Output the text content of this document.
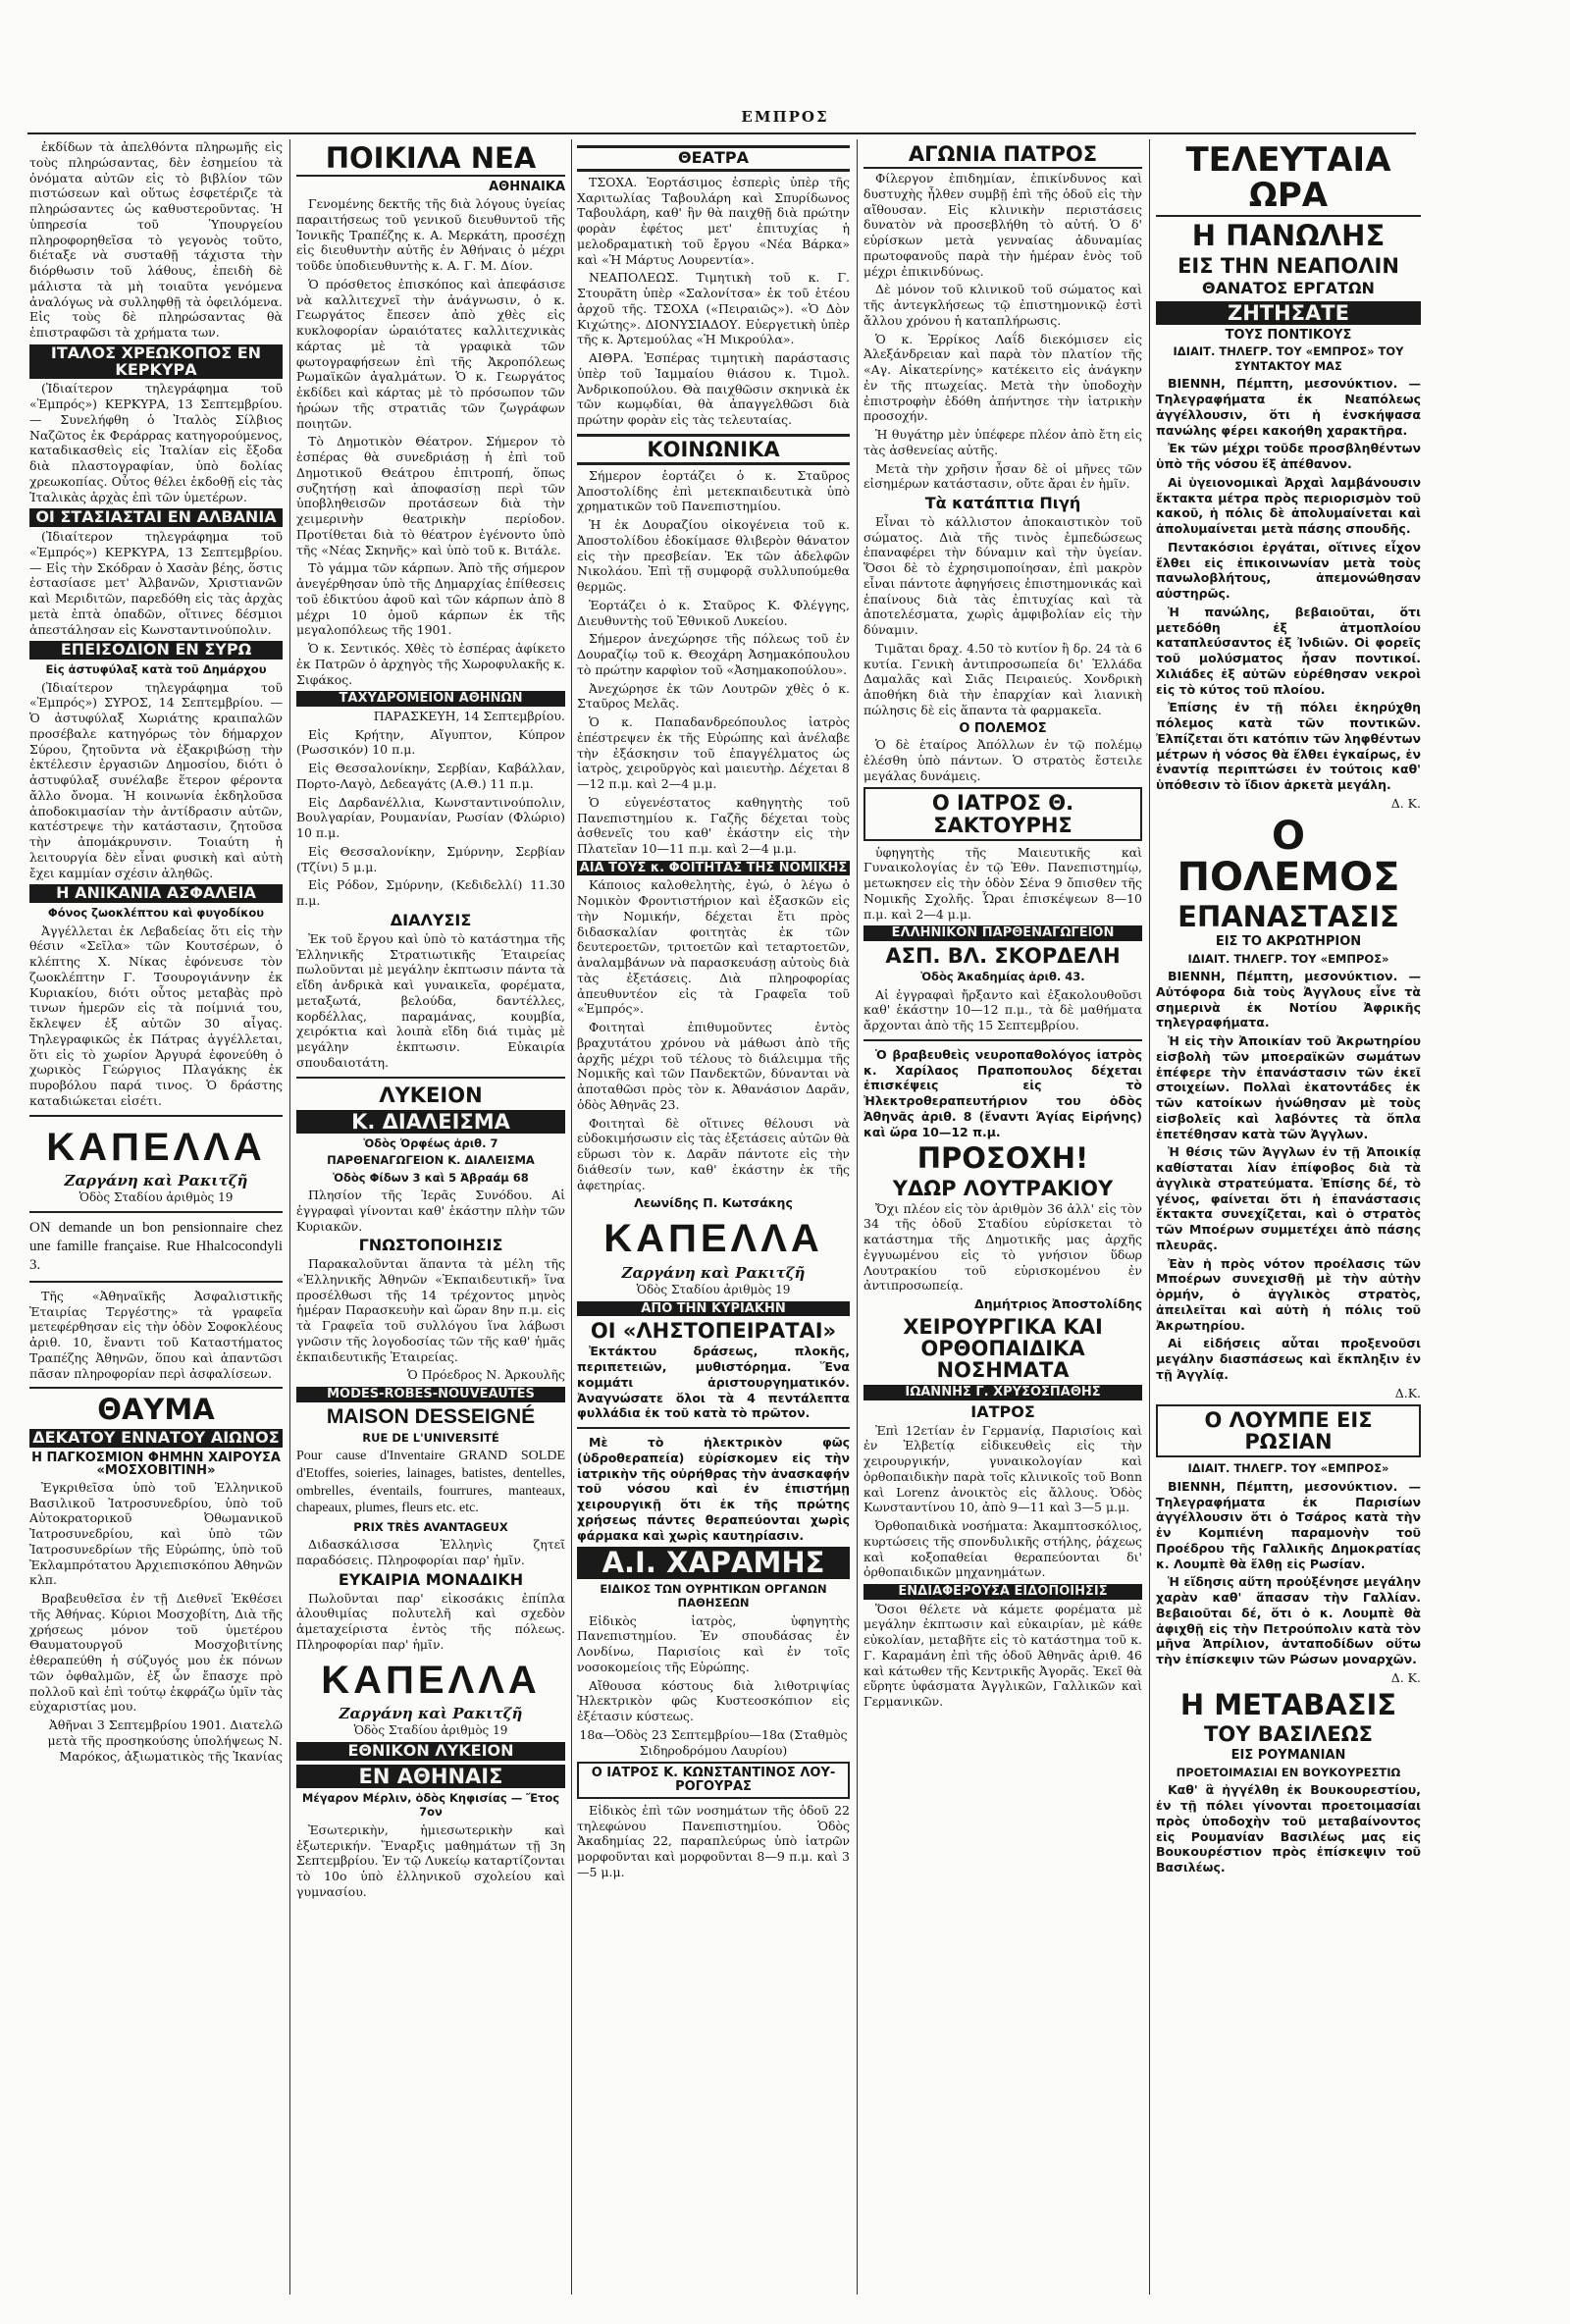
ΕΜΠΡΟΣ

ἐκδίδων τὰ ἀπελθόντα πληρωμῆς εἰς τοὺς πληρώσαντας, δὲν ἐσημείου τὰ ὀνόματα αὐτῶν εἰς τὸ βιβλίον τῶν πιστώσεων καὶ οὕτως ἐσφετέριζε τὰ πληρώσαντες ὡς καθυστεροῦντας. Ἡ ὑπηρεσία τοῦ Ὑπουργείου πληροφορηθεῖσα τὸ γεγονὸς τοῦτο, διέταξε νὰ συσταθῇ τάχιστα τὴν διόρθωσιν τοῦ λάθους, ἐπειδὴ δὲ μάλιστα τὰ μὴ τοιαῦτα γενόμενα ἀναλόγως νὰ συλληφθῇ τὰ ὀφειλόμενα. Εἰς τοὺς δὲ πληρώσαντας θὰ ἐπιστραφῶσι τὰ χρήματα των.

ΙΤΑΛΟΣ ΧΡΕΩΚΟΠΟΣ ΕΝ ΚΕΡΚΥΡΑ

(Ἰδιαίτερον τηλεγράφημα τοῦ «Ἐμπρός») ΚΕΡΚΥΡΑ, 13 Σεπτεμβρίου.— Συνελήφθη ὁ Ἰταλὸς Σίλβιος Ναζῶτος ἐκ Φεράρρας κατηγορούμενος, καταδικασθεὶς εἰς Ἰταλίαν εἰς ἔξοδα διὰ πλαστογραφίαν, ὑπὸ δολίας χρεωκοπίας. Οὗτος θέλει ἐκδοθῇ εἰς τὰς Ἰταλικὰς ἀρχὰς ἐπὶ τῶν ὑμετέρων.

ΟΙ ΣΤΑΣΙΑΣΤΑΙ ΕΝ ΑΛΒΑΝΙΑ

(Ἰδιαίτερον τηλεγράφημα τοῦ «Ἐμπρός») ΚΕΡΚΥΡΑ, 13 Σεπτεμβρίου. — Εἰς τὴν Σκόδραν ὁ Χασὰν βέης, ὅστις ἐστασίασε μετ' Ἀλβανῶν, Χριστιανῶν καὶ Μεριδιτῶν, παρεδόθη εἰς τὰς ἀρχὰς μετὰ ἐπτὰ ὀπαδῶν, οἵτινες δέσμιοι ἀπεστάλησαν εἰς Κωνσταντινούπολιν.

ΕΠΕΙΣΟΔΙΟΝ ΕΝ ΣΥΡΩ
Εἰς ἀστυφύλαξ κατὰ τοῦ Δημάρχου

(Ἰδιαίτερον τηλεγράφημα τοῦ «Ἐμπρός») ΣΥΡΟΣ, 14 Σεπτεμβρίου. — Ὁ ἀστυφύλαξ Χωριάτης κραιπαλῶν προσέβαλε κατηγόρως τὸν δήμαρχον Σύρου, ζητοῦντα νὰ ἐξακριβώσῃ τὴν ἐκτέλεσιν ἐργασιῶν Δημοσίου, διότι ὁ ἀστυφύλαξ συνέλαβε ἕτερον φέροντα ἄλλο ὄνομα. Ἡ κοινωνία ἐκδηλοῦσα ἀποδοκιμασίαν τὴν ἀντίδρασιν αὐτῶν, κατέστρεψε τὴν κατάστασιν, ζητοῦσα τὴν ἀπομάκρυνσιν. Τοιαύτη ἠ λειτουργία δὲν εἶναι φυσικὴ καὶ αὐτὴ ἔχει καμμίαν σχέσιν ἀληθῶς.

Η ΑΝΙΚΑΝΙΑ ΑΣΦΑΛΕΙΑ
Φόνος ζωοκλέπτου καὶ φυγοδίκου

Ἀγγέλλεται ἐκ Λεβαδείας ὅτι εἰς τὴν θέσιν «Σεῖλα» τῶν Κουτσέρων, ὁ κλέπτης Χ. Νίκας ἐφόνευσε τὸν ζωοκλέπτην Γ. Τσουρογιάννην ἐκ Κυριακίου, διότι οὗτος μεταβὰς πρὸ τινων ἡμερῶν εἰς τὰ ποίμνιά του, ἔκλεψεν ἐξ αὐτῶν 30 αἶγας. Τηλεγραφικῶς ἐκ Πάτρας ἀγγέλλεται, ὅτι εἰς τὸ χωρίον Ἀργυρά ἐφονεύθη ὁ χωρικὸς Γεώργιος Πλαγάκης ἐκ πυροβόλου παρά τινος. Ὁ δράστης καταδιώκεται εἰσέτι.

ΚΑΠΕΛΛΑ
Ζαργάνη καὶ Ρακιτζῆ
Ὁδὸς Σταδίου ἀριθμὸς 19

ON demande un bon pensionnaire chez une famille française. Rue Hhalcocondyli 3.

Τῆς «Ἀθηναϊκῆς Ἀσφαλιστικῆς Ἑταιρίας Τεργέστης» τὰ γραφεῖα μετεφέρθησαν εἰς τὴν ὁδὸν Σοφοκλέους ἀριθ. 10, ἔναντι τοῦ Καταστήματος Τραπέζης Ἀθηνῶν, ὅπου καὶ ἀπαντῶσι πᾶσαν πληροφορίαν περὶ ἀσφαλίσεων.

ΘΑΥΜΑ
ΔΕΚΑΤΟΥ ΕΝΝΑΤΟΥ ΑΙΩΝΟΣ
Η ΠΑΓΚΟΣΜΙΟΝ ΦΗΜΗΝ ΧΑΙΡΟΥΣΑ «ΜΟΣΧΟΒΙΤΙΝΗ»

Ἐγκριθεῖσα ὑπὸ τοῦ Ἑλληνικοῦ Βασιλικοῦ Ἰατροσυνεδρίου, ὑπὸ τοῦ Αὐτοκρατορικοῦ Ὀθωμανικοῦ Ἰατροσυνεδρίου, καὶ ὑπὸ τῶν Ἰατροσυνεδρίων τῆς Εὐρώπης, ὑπὸ τοῦ Ἐκλαμπρότατου Ἀρχιεπισκόπου Ἀθηνῶν κλπ.

Βραβευθεῖσα ἐν τῇ Διεθνεῖ Ἐκθέσει τῆς Ἀθήνας. Κύριοι Μοσχοβίτη, Διὰ τῆς χρήσεως μόνον τοῦ ὑμετέρου Θαυματουργοῦ Μοσχοβιτίνης ἐθεραπεύθη ἡ σύζυγός μου ἐκ πόνων τῶν ὀφθαλμῶν, ἐξ ὧν ἔπασχε πρὸ πολλοῦ καὶ ἐπὶ τούτῳ ἐκφράζω ὑμῖν τὰς εὐχαριστίας μου.

Ἀθῆναι 3 Σεπτεμβρίου 1901. Διατελῶ μετὰ τῆς προσηκούσης ὑπολήψεως Ν. Μαρόκος, ἀξιωματικὸς τῆς Ἱκανίας

ΠΟΙΚΙΛΑ ΝΕΑ
ΑΘΗΝΑΙΚΑ

Γενομένης δεκτῆς τῆς διὰ λόγους ὑγείας παραιτήσεως τοῦ γενικοῦ διευθυντοῦ τῆς Ἰονικῆς Τραπέζης κ. Α. Μερκάτη, προσέχῃ εἰς διευθυντὴν αὐτῆς ἐν Ἀθήναις ὁ μέχρι τοῦδε ὑποδιευθυντὴς κ. Α. Γ. Μ. Δίον.

Ὁ πρόσθετος ἐπισκόπος καὶ ἀπεφάσισε νὰ καλλιτεχνεῖ τὴν ἀνάγνωσιν, ὁ κ. Γεωργάτος ἔπεσεν ἀπὸ χθὲς εἰς κυκλοφορίαν ὡραιότατες καλλιτεχνικὰς κάρτας μὲ τὰ γραφικὰ τῶν φωτογραφήσεων ἐπὶ τῆς Ἀκροπόλεως Ρωμαϊκῶν ἀγαλμάτων. Ὁ κ. Γεωργάτος ἐκδίδει καὶ κάρτας μὲ τὸ πρόσωπον τῶν ἡρώων τῆς στρατιᾶς τῶν ζωγράφων ποιητῶν.

Τὸ Δημοτικὸν Θέατρον. Σήμερον τὸ ἑσπέρας θὰ συνεδριάσῃ ἡ ἐπὶ τοῦ Δημοτικοῦ Θεάτρου ἐπιτροπή, ὅπως συζητήσῃ καὶ ἀποφασίσῃ περὶ τῶν ὑποβληθεισῶν προτάσεων διὰ τὴν χειμερινὴν θεατρικὴν περίοδον. Προτίθεται διὰ τὸ θέατρον ἐγένοντο ὑπὸ τῆς «Νέας Σκηνῆς» καὶ ὑπὸ τοῦ κ. Βιτάλε.

Τὸ γάμμα τῶν κάρπων. Ἀπὸ τῆς σήμερον ἀνεγέρθησαν ὑπὸ τῆς Δημαρχίας ἐπίθεσεις τοῦ ἐδικτύου ἀφοῦ καὶ τῶν κάρπων ἀπὸ 8 μέχρι 10 ὁμοῦ κάρπων ἐκ τῆς μεγαλοπόλεως τῆς 1901.

Ὁ κ. Σεντικός. Χθὲς τὸ ἑσπέρας ἀφίκετο ἐκ Πατρῶν ὁ ἀρχηγὸς τῆς Χωροφυλακῆς κ. Σιφάκος.

ΤΑΧΥΔΡΟΜΕΙΟΝ ΑΘΗΝΩΝ

ΠΑΡΑΣΚΕΥΗ, 14 Σεπτεμβρίου.

Εἰς Κρήτην, Αἴγυπτον, Κύπρον (Ρωσσικόν) 10 π.μ.

Εἰς Θεσσαλονίκην, Σερβίαν, Καβάλλαν, Πορτο-Λαγὸ, Δεδεαγάτς (Α.Θ.) 11 π.μ.

Εἰς Δαρδανέλλια, Κωνσταντινούπολιν, Βουλγαρίαν, Ρουμανίαν, Ρωσίαν (Φλώριο) 10 π.μ.

Εἰς Θεσσαλονίκην, Σμύρνην, Σερβίαν (Τζίνι) 5 μ.μ.

Εἰς Ρόδον, Σμύρνην, (Κεδιδελλί) 11.30 π.μ.

ΔΙΑΛΥΣΙΣ

Ἐκ τοῦ ἔργου καὶ ὑπὸ τὸ κατάστημα τῆς Ἑλληνικῆς Στρατιωτικῆς Ἑταιρείας πωλοῦνται μὲ μεγάλην ἐκπτωσιν πάντα τὰ εἴδη ἀνδρικὰ καὶ γυναικεῖα, φορέματα, μεταξωτά, βελούδα, δαντέλλες, κορδέλλας, παραμάνας, κουμβία, χειρόκτια καὶ λοιπὰ εἴδη διά τιμὰς μὲ μεγάλην ἐκπτωσιν. Εὐκαιρία σπουδαιοτάτη.

ΛΥΚΕΙΟΝ
Κ. ΔΙΑΛΕΙΣΜΑ
Ὁδὸς Ὀρφέως ἀριθ. 7
ΠΑΡΘΕΝΑΓΩΓΕΙΟΝ Κ. ΔΙΑΛΕΙΣΜΑ
Ὁδὸς Φίδων 3 καὶ 5 Ἀβραάμ 68

Πλησίον τῆς Ἱερᾶς Συνόδου. Αἱ ἐγγραφαὶ γίνονται καθ' ἑκάστην πλὴν τῶν Κυριακῶν.

ΓΝΩΣΤΟΠΟΙΗΣΙΣ

Παρακαλοῦνται ἅπαντα τὰ μέλη τῆς «Ἑλληνικῆς Ἀθηνῶν «Ἐκπαιδευτικῆ» ἵνα προσέλθωσι τῆς 14 τρέχοντος μηνὸς ἡμέραν Παρασκευὴν καὶ ὥραν 8ην π.μ. εἰς τὰ Γραφεῖα τοῦ συλλόγου ἵνα λάβωσι γνῶσιν τῆς λογοδοσίας τῶν τῆς καθ' ἡμᾶς ἐκπαιδευτικῆς Ἐταιρείας.

Ὁ Πρόεδρος Ν. Ἀρκουλῆς

MODES-ROBES-NOUVEAUTÉS
MAISON DESSEIGNÉ
RUE DE L'UNIVERSITÉ

Pour cause d'Inventaire GRAND SOLDE d'Etoffes, soieries, lainages, batistes, dentelles, ombrelles, éventails, fourrures, manteaux, chapeaux, plumes, fleurs etc. etc.

PRIX TRÈS AVANTAGEUX

Διδασκάλισσα Ἑλληνὶς ζητεῖ παραδόσεις. Πληροφορίαι παρ' ἡμῖν.

ΕΥΚΑΙΡΙΑ ΜΟΝΑΔΙΚΗ

Πωλοῦνται παρ' εἰκοσάκις ἐπίπλα ἀλουθιμίας πολυτελῆ καὶ σχεδὸν ἀμεταχείριστα ἐντὸς τῆς πόλεως. Πληροφορίαι παρ' ἡμῖν.

ΚΑΠΕΛΛΑ
Ζαργάνη καὶ Ρακιτζῆ
Ὁδὸς Σταδίου ἀριθμὸς 19
ΕΘΝΙΚΟΝ ΛΥΚΕΙΟΝ
ΕΝ ΑΘΗΝΑΙΣ
Μέγαρον Μέρλιν, ὁδὸς Κηφισίας — Ἔτος 7ον

Ἐσωτερικὴν, ἡμιεσωτερικὴν καὶ ἐξωτερικήν. Ἔναρξις μαθημάτων τῇ 3η Σεπτεμβρίου. Ἐν τῷ Λυκείῳ καταρτίζονται τὸ 10ο ὑπὸ ἑλληνικοῦ σχολείου καὶ γυμνασίου.

ΘΕΑΤΡΑ

ΤΣΟΧΑ. Ἑορτάσιμος ἐσπερὶς ὑπὲρ τῆς Χαριτωλίας Ταβουλάρη καὶ Σπυρίδωνος Ταβουλάρη, καθ' ἣν θὰ παιχθῇ διὰ πρώτην φορὰν ἐφέτος μετ' ἐπιτυχίας ἡ μελοδραματικὴ τοῦ ἔργου «Νέα Βάρκα» καὶ «Ἡ Μάρτυς Λουρεντία».

ΝΕΑΠΟΛΕΩΣ. Τιμητικὴ τοῦ κ. Γ. Στουρᾶτη ὑπὲρ «Σαλονίτσα» ἐκ τοῦ ἑτέου ἀρχοῦ τῆς. ΤΣΟΧΑ («Πειραιῶς»). «Ὁ Δὸν Κιχώτης». ΔΙΟΝΥΣΙΑΔΟΥ. Εὐεργετικὴ ὑπὲρ τῆς κ. Ἀρτεμούλας «Ἡ Μικρούλα».

ΑΙΘΡΑ. Ἑσπέρας τιμητικὴ παράστασις ὑπὲρ τοῦ Ἰαμμαίου θιάσου κ. Τιμολ. Ἀνδρικοπούλου. Θὰ παιχθῶσιν σκηνικὰ ἐκ τῶν κωμῳδίαι, θὰ ἀπαγγελθῶσι διὰ πρώτην φορὰν εἰς τὰς τελευταίας.

ΚΟΙΝΩΝΙΚΑ

Σήμερον ἑορτάζει ὁ κ. Σταῦρος Ἀποστολίδης ἐπὶ μετεκπαιδευτικὰ ὑπὸ χρηματικῶν τοῦ Πανεπιστημίου.

Ἡ ἐκ Δουραζίου οἰκογένεια τοῦ κ. Ἀποστολίδου ἐδοκίμασε θλιβερὸν θάνατον εἰς τὴν πρεσβείαν. Ἐκ τῶν ἀδελφῶν Νικολάου. Ἐπὶ τῇ συμφορᾷ συλλυπούμεθα θερμῶς.

Ἑορτάζει ὁ κ. Σταῦρος Κ. Φλέγγης, Διευθυντὴς τοῦ Ἐθνικοῦ Λυκείου.

Σήμερον ἀνεχώρησε τῆς πόλεως τοῦ ἐν Δουραζίῳ τοῦ κ. Θεοχάρη Ἀσημακόπουλου τὸ πρώτην καρφὶον τοῦ «Ἀσημακοπούλου».

Ἀνεχώρησε ἐκ τῶν Λουτρῶν χθὲς ὁ κ. Σταῦρος Μελᾶς.

Ὁ κ. Παπαδανδρεόπουλος ἰατρὸς ἐπέστρεψεν ἐκ τῆς Εὐρώπης καὶ ἀνέλαβε τὴν ἐξάσκησιν τοῦ ἐπαγγέλματος ὡς ἰατρὸς, χειροῦργὸς καὶ μαιευτὴρ. Δέχεται 8—12 π.μ. καὶ 2—4 μ.μ.

Ὁ εὐγενέστατος καθηγητὴς τοῦ Πανεπιστημίου κ. Γαζῆς δέχεται τοὺς ἀσθενεῖς του καθ' ἑκάστην εἰς τὴν Πλατεῖαν 10—11 π.μ. καὶ 2—4 μ.μ.

ΑΙΑ ΤΟΥΣ κ. ΦΟΙΤΗΤΑΣ ΤΗΣ ΝΟΜΙΚΗΣ

Κάποιος καλοθελητὴς, ἐγώ, ὁ λέγω ὁ Νομικὸν Φροντιστήριον καὶ ἐξασκῶν εἰς τὴν Νομικήν, δέχεται ἔτι πρὸς διδασκαλίαν φοιτητὰς ἐκ τῶν δευτεροετῶν, τριτοετῶν καὶ τεταρτοετῶν, ἀναλαμβάνων νὰ παρασκευάσῃ αὐτοὺς διὰ τὰς ἐξετάσεις. Διὰ πληροφορίας ἀπευθυντέον εἰς τὰ Γραφεῖα τοῦ «Ἐμπρός».

Φοιτηταὶ ἐπιθυμοῦντες ἐντὸς βραχυτάτου χρόνου νὰ μάθωσι ἀπὸ τῆς ἀρχῆς μέχρι τοῦ τέλους τὸ διάλειμμα τῆς Νομικῆς καὶ τῶν Πανδεκτῶν, δύνανται νὰ ἀποταθῶσι πρὸς τὸν κ. Ἀθανάσιον Δαρᾶν, ὁδὸς Ἀθηνᾶς 23.

Φοιτηταὶ δὲ οἵτινες θέλουσι νὰ εὐδοκιμήσωσιν εἰς τὰς ἐξετάσεις αὐτῶν θὰ εὕρωσι τὸν κ. Δαρᾶν πάντοτε εἰς τὴν διάθεσίν των, καθ' ἑκάστην ἐκ τῆς ἀφετηρίας.

Λεωνίδης Π. Κωτσάκης

ΚΑΠΕΛΛΑ
Ζαργάνη καὶ Ρακιτζῆ
Ὁδὸς Σταδίου ἀριθμὸς 19
ΑΠΟ ΤΗΝ ΚΥΡΙΑΚΗΝ
ΟΙ «ΛΗΣΤΟΠΕΙΡΑΤΑΙ»

Ἐκτάκτου δράσεως, πλοκῆς, περιπετειῶν, μυθιστόρημα. Ἕνα κομμάτι ἀριστουργηματικόν. Ἀναγνώσατε ὅλοι τὰ 4 πεντάλεπτα φυλλάδια ἐκ τοῦ κατὰ τὸ πρῶτον.

Μὲ τὸ ἠλεκτρικὸν φῶς (ὑδροθεραπεία) εὑρίσκομεν εἰς τὴν ἰατρικὴν τῆς οὐρήθρας τὴν ἀνασκαφήν τοῦ νόσου καὶ ἐν ἐπιστήμῃ χειρουργικῇ ὅτι ἐκ τῆς πρώτης χρήσεως πάντες θεραπεύονται χωρὶς φάρμακα καὶ χωρὶς καυτηρίασιν.

Α.Ι. ΧΑΡΑΜΗΣ
ΕΙΔΙΚΟΣ ΤΩΝ ΟΥΡΗΤΙΚΩΝ ΟΡΓΑΝΩΝ ΠΑΘΗΣΕΩΝ

Εἰδικὸς ἰατρὸς, ὑφηγητὴς Πανεπιστημίου. Ἐν σπουδάσας ἐν Λονδίνω, Παρισίοις καὶ ἐν τοῖς νοσοκομείοις τῆς Εὐρώπης.

Αἴθουσα κόστους διὰ λιθοτριψίας Ἠλεκτρικὸν φῶς Κυστεοσκόπιον εἰς ἐξέτασιν κύστεως.

18α—Ὁδὸς 23 Σεπτεμβρίου—18α (Σταθμὸς Σιδηροδρόμου Λαυρίου)

Ο ΙΑΤΡΟΣ Κ. ΚΩΝΣΤΑΝΤΙΝΟΣ ΛΟΥ-ΡΟΓΟΥΡΑΣ

Εἰδικὸς ἐπὶ τῶν νοσημάτων τῆς ὁδοῦ 22 τηλεφώνου Πανεπιστημίου. Ὁδὸς Ἀκαδημίας 22, παραπλεύρως ὑπὸ ἰατρῶν μορφοῦνται καὶ μορφοῦνται 8—9 π.μ. καὶ 3—5 μ.μ.

ΑΓΩΝΙΑ ΠΑΤΡΟΣ

Φίλεργον ἐπιδημίαν, ἐπικίνδυνος καὶ δυστυχὴς ἦλθεν συμβῇ ἐπὶ τῆς ὁδοῦ εἰς τὴν αἴθουσαν. Εἰς κλινικὴν περιστάσεις δυνατὸν νὰ προσεβλήθη τὸ αὐτή. Ὁ δ' εὑρίσκων μετὰ γενναίας ἀδυναμίας πρωτοφανοῦς παρὰ τὴν ἡμέραν ἑνὸς τοῦ μέχρι ἐπικινδύνως.

Δὲ μόνον τοῦ κλινικοῦ τοῦ σώματος καὶ τῆς ἀντεγκλήσεως τῷ ἐπιστημονικῷ ἐστὶ ἄλλου χρόνου ἡ καταπλήρωσις.

Ὁ κ. Ἐρρίκος Λαΐδ διεκόμισεν εἰς Ἀλεξάνδρειαν καὶ παρὰ τὸν πλατίον τῆς «Αγ. Αἰκατερίνης» κατέκειτο εἰς ἀνάγκην ἐν τῆς πτωχείας. Μετὰ τὴν ὑποδοχὴν ἐπιστροφὴν ἐδόθη ἀπήντησε τὴν ἰατρικὴν προσοχήν.

Ἡ θυγάτηρ μὲν ὑπέφερε πλέον ἀπὸ ἔτη εἰς τὰς ἀσθενείας αὐτῆς.

Μετὰ τὴν χρῆσιν ἦσαν δὲ οἱ μῆνες τῶν εἰσημέρων κατάστασιν, οὔτε ἄραι ἐν ἡμῖν.

Τὰ κατάπτια Πιγή

Εἶναι τὸ κάλλιστον ἀποκαιστικὸν τοῦ σώματος. Διὰ τῆς τινὸς ἐμπεδώσεως ἐπαναφέρει τὴν δύναμιν καὶ τὴν ὑγείαν. Ὅσοι δὲ τὸ ἐχρησιμοποίησαν, ἐπὶ μακρὸν εἶναι πάντοτε ἀφηγήσεις ἐπιστημονικάς καὶ ἐπαίνους διὰ τὰς ἐπιτυχίας καὶ τὰ ἀποτελέσματα, χωρὶς ἀμφιβολίαν εἰς τὴν δύναμιν.

Τιμᾶται δραχ. 4.50 τὸ κυτίον ἢ δρ. 24 τὰ 6 κυτία. Γενικὴ ἀντιπροσωπεία δι' Ἑλλάδα Δαμαλᾶς καὶ Σιᾶς Πειραιεύς. Χονδρικὴ ἀποθήκη διὰ τὴν ἐπαρχίαν καὶ λιανικὴ πώλησις δὲ εἰς ἅπαντα τὰ φαρμακεῖα.

Ο ΠΟΛΕΜΟΣ

Ὁ δὲ ἑταίρος Ἀπόλλων ἐν τῷ πολέμῳ ἐλέσθη ὑπὸ πάντων. Ὁ στρατὸς ἔστειλε μεγάλας δυνάμεις.

Ο ΙΑΤΡΟΣ Θ. ΣΑΚΤΟΥΡΗΣ

ὑφηγητὴς τῆς Μαιευτικῆς καὶ Γυναικολογίας ἐν τῷ Ἐθν. Πανεπιστημίῳ, μετωκησεν εἰς τὴν ὁδὸν Σένα 9 ὄπισθεν τῆς Νομικῆς Σχολῆς. Ὧραι ἐπισκέψεων 8—10 π.μ. καὶ 2—4 μ.μ.

ΕΛΛΗΝΙΚΟΝ ΠΑΡΘΕΝΑΓΩΓΕΙΟΝ
ΑΣΠ. ΒΛ. ΣΚΟΡΔΕΛΗ
Ὁδὸς Ἀκαδημίας ἀριθ. 43.

Αἱ ἐγγραφαὶ ἤρξαντο καὶ ἐξακολουθοῦσι καθ' ἑκάστην 10—12 π.μ., τὰ δὲ μαθήματα ἄρχονται ἀπὸ τῆς 15 Σεπτεμβρίου.

Ὁ βραβευθεὶς νευροπαθολόγος ἰατρὸς κ. Χαρίλαος Πραποπουλος δέχεται ἐπισκέψεις εἰς τὸ Ἠλεκτροθεραπευτήριον του ὁδὸς Ἀθηνᾶς ἀριθ. 8 (ἔναντι Ἁγίας Εἰρήνης) καὶ ὥρα 10—12 π.μ.

ΠΡΟΣΟΧΗ!
ΥΔΩΡ ΛΟΥΤΡΑΚΙΟΥ

Ὄχι πλέον εἰς τὸν ἀριθμὸν 36 ἀλλ' εἰς τὸν 34 τῆς ὁδοῦ Σταδίου εὑρίσκεται τὸ κατάστημα τῆς Δημοτικῆς μας ἀρχῆς ἐγγυωμένου εἰς τὸ γνήσιον ὕδωρ Λουτρακίου τοῦ εὑρισκομένου ἐν ἀντιπροσωπείᾳ.

Δημήτριος Ἀποστολίδης

ΧΕΙΡΟΥΡΓΙΚΑ ΚΑΙ ΟΡΘΟΠΑΙΔΙΚΑ ΝΟΣΗΜΑΤΑ
ΙΩΑΝΝΗΣ Γ. ΧΡΥΣΟΣΠΑΘΗΣ
ΙΑΤΡΟΣ

Ἐπὶ 12ετίαν ἐν Γερμανίᾳ, Παρισίοις καὶ ἐν Ἑλβετίᾳ εἰδικευθεὶς εἰς τὴν χειρουργικήν, γυναικολογίαν καὶ ὀρθοπαιδικὴν παρὰ τοῖς κλινικοῖς τοῦ Bonn καὶ Lorenz ἀνοικτὸς εἰς ἄλλους. Ὁδὸς Κωνσταντίνου 10, ἀπὸ 9—11 καὶ 3—5 μ.μ.

Ὀρθοπαιδικὰ νοσήματα: Ἀκαμπτοσκόλιος, κυρτώσεις τῆς σπονδυλικῆς στήλης, ῥάχεως καὶ κοξοπαθείαι θεραπεύονται δι' ὀρθοπαιδικῶν μηχανημάτων.

ΕΝΔΙΑΦΕΡΟΥΣΑ ΕΙΔΟΠΟΙΗΣΙΣ

Ὅσοι θέλετε νὰ κάμετε φορέματα μὲ μεγάλην ἐκπτωσιν καὶ εὐκαιρίαν, μὲ κάθε εὐκολίαν, μεταβῆτε εἰς τὸ κατάστημα τοῦ κ. Γ. Καραμάνη ἐπὶ τῆς ὁδοῦ Ἀθηνᾶς ἀριθ. 46 καὶ κάτωθεν τῆς Κεντρικῆς Ἀγορᾶς. Ἐκεῖ θὰ εὕρητε ὑφάσματα Ἀγγλικῶν, Γαλλικῶν καὶ Γερμανικῶν.

ΤΕΛΕΥΤΑΙΑ ΩΡΑ
Η ΠΑΝΩΛΗΣ
ΕΙΣ ΤΗΝ ΝΕΑΠΟΛΙΝ
ΘΑΝΑΤΟΣ ΕΡΓΑΤΩΝ
ΖΗΤΗΣΑΤΕ
ΤΟΥΣ ΠΟΝΤΙΚΟΥΣ
ΙΔΙΑΙΤ. ΤΗΛΕΓΡ. ΤΟΥ «ΕΜΠΡΟΣ» ΤΟΥ ΣΥΝΤΑΚΤΟΥ ΜΑΣ

ΒΙΕΝΝΗ, Πέμπτη, μεσονύκτιον. — Τηλεγραφήματα ἐκ Νεαπόλεως ἀγγέλλουσιν, ὅτι ἡ ἐνσκήψασα πανώλης φέρει κακοήθη χαρακτῆρα.

Ἐκ τῶν μέχρι τοῦδε προσβληθέντων ὑπὸ τῆς νόσου ἕξ ἀπέθανον.

Αἱ ὑγειονομικαὶ Ἀρχαὶ λαμβάνουσιν ἔκτακτα μέτρα πρὸς περιορισμὸν τοῦ κακοῦ, ἡ πόλις δὲ ἀπολυμαίνεται καὶ ἀπολυμαίνεται μετὰ πάσης σπουδῆς.

Πεντακόσιοι ἐργάται, οἵτινες εἶχον ἔλθει εἰς ἐπικοινωνίαν μετὰ τοὺς πανωλοβλήτους, ἀπεμονώθησαν αὐστηρῶς.

Ἡ πανώλης, βεβαιοῦται, ὅτι μετεδόθη ἐξ ἀτμοπλοίου καταπλεύσαντος ἐξ Ἰνδιῶν. Οἱ φορεῖς τοῦ μολύσματος ἦσαν ποντικοί. Χιλιάδες ἐξ αὐτῶν εὑρέθησαν νεκροὶ εἰς τὸ κύτος τοῦ πλοίου.

Ἐπίσης ἐν τῇ πόλει ἐκηρύχθη πόλεμος κατὰ τῶν ποντικῶν. Ἐλπίζεται ὅτι κατόπιν τῶν ληφθέντων μέτρων ἡ νόσος θὰ ἔλθει ἐγκαίρως, ἐν ἐναντίᾳ περιπτώσει ἐν τούτοις καθ' ὑπόθεσιν τὸ ἴδιον ἀρκετὰ μεγάλη.

Δ. Κ.

Ο ΠΟΛΕΜΟΣ
ΕΠΑΝΑΣΤΑΣΙΣ
ΕΙΣ ΤΟ ΑΚΡΩΤΗΡΙΟΝ
ΙΔΙΑΙΤ. ΤΗΛΕΓΡ. ΤΟΥ «ΕΜΠΡΟΣ»

ΒΙΕΝΝΗ, Πέμπτη, μεσονύκτιον. — Αὐτόφορα διὰ τοὺς Ἀγγλους εἶνε τὰ σημερινὰ ἐκ Νοτίου Ἀφρικῆς τηλεγραφήματα.

Ἡ εἰς τὴν Ἀποικίαν τοῦ Ἀκρωτηρίου εἰσβολὴ τῶν μποεραϊκῶν σωμάτων ἐπέφερε τὴν ἐπανάστασιν τῶν ἐκεῖ στοιχείων. Πολλαὶ ἑκατοντάδες ἐκ τῶν κατοίκων ἡνώθησαν μὲ τοὺς εἰσβολεῖς καὶ λαβόντες τὰ ὅπλα ἐπετέθησαν κατὰ τῶν Ἀγγλων.

Ἡ θέσις τῶν Ἀγγλων ἐν τῇ Ἀποικίᾳ καθίσταται λίαν ἐπίφοβος διὰ τὰ ἀγγλικὰ στρατεύματα. Ἐπίσης δέ, τὸ γένος, φαίνεται ὅτι ἡ ἐπανάστασις ἔκτακτα συνεχίζεται, καὶ ὁ στρατὸς τῶν Μποέρων συμμετέχει ἀπὸ πάσης πλευρᾶς.

Ἐὰν ἡ πρὸς νότον προέλασις τῶν Μποέρων συνεχισθῇ μὲ τὴν αὐτὴν ὁρμήν, ὁ ἀγγλικὸς στρατὸς, ἀπειλεῖται καὶ αὐτὴ ἡ πόλις τοῦ Ἀκρωτηρίου.

Αἱ εἰδήσεις αὗται προξενοῦσι μεγάλην διασπάσεως καὶ ἔκπληξιν ἐν τῇ Ἀγγλίᾳ.

Δ.Κ.

Ο ΛΟΥΜΠΕ ΕΙΣ ΡΩΣΙΑΝ
ΙΔΙΑΙΤ. ΤΗΛΕΓΡ. ΤΟΥ «ΕΜΠΡΟΣ»

ΒΙΕΝΝΗ, Πέμπτη, μεσονύκτιον. — Τηλεγραφήματα ἐκ Παρισίων ἀγγέλλουσιν ὅτι ὁ Τσάρος κατὰ τὴν ἐν Κομπιένη παραμονὴν τοῦ Προέδρου τῆς Γαλλικῆς Δημοκρατίας κ. Λουμπὲ θὰ ἔλθῃ εἰς Ρωσίαν.

Ἡ εἴδησις αὕτη προὐξένησε μεγάλην χαρὰν καθ' ἅπασαν τὴν Γαλλίαν. Βεβαιοῦται δέ, ὅτι ὁ κ. Λουμπὲ θὰ ἀφιχθῇ εἰς τὴν Πετρούπολιν κατὰ τὸν μῆνα Ἀπρίλιον, ἀνταποδίδων οὕτω τὴν ἐπίσκεψιν τῶν Ρώσων μοναρχῶν.

Δ. Κ.

Η ΜΕΤΑΒΑΣΙΣ
ΤΟΥ ΒΑΣΙΛΕΩΣ
ΕΙΣ ΡΟΥΜΑΝΙΑΝ
ΠΡΟΕΤΟΙΜΑΣΙΑΙ ΕΝ ΒΟΥΚΟΥΡΕΣΤΙΩ

Καθ' ἃ ἠγγέλθη ἐκ Βουκουρεστίου, ἐν τῇ πόλει γίνονται προετοιμασίαι πρὸς ὑποδοχὴν τοῦ μεταβαίνοντος εἰς Ρουμανίαν Βασιλέως μας εἰς Βουκουρέστιον πρὸς ἐπίσκεψιν τοῦ Βασιλέως.
